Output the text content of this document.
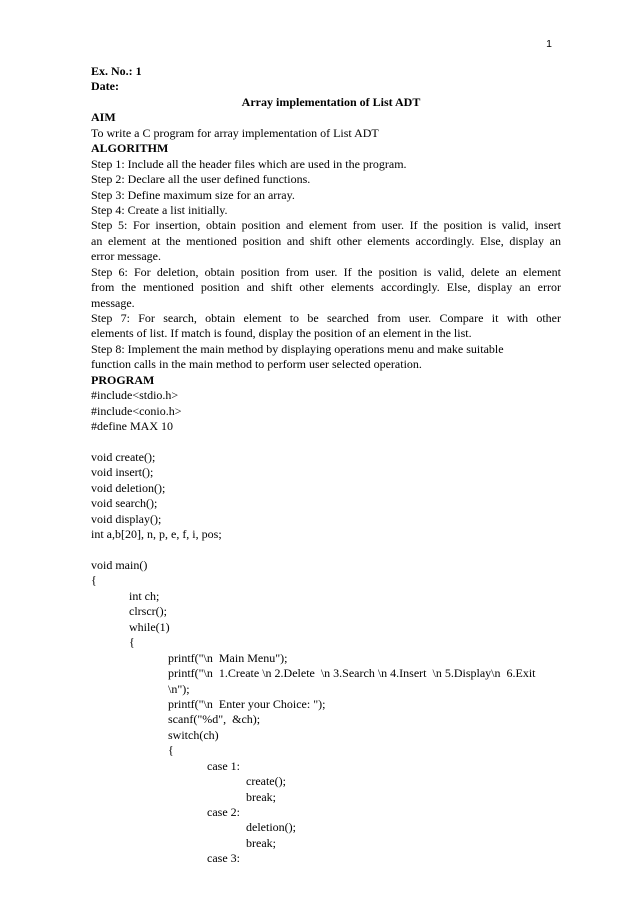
1
Ex. No.: 1
Date:
Array implementation of List ADT
AIM
To write a C program for array implementation of List ADT
ALGORITHM
Step 1: Include all the header files which are used in the program.
Step 2: Declare all the user defined functions.
Step 3: Define maximum size for an array.
Step 4: Create a list initially.
Step 5: For insertion, obtain position and element from user. If the position is valid, insert
an element at the mentioned position and shift other elements accordingly. Else, display an
error message.
Step 6: For deletion, obtain position from user. If the position is valid, delete an element
from the mentioned position and shift other elements accordingly. Else, display an error
message.
Step 7: For search, obtain element to be searched from user. Compare it with other
elements of list. If match is found, display the position of an element in the list.
Step 8: Implement the main method by displaying operations menu and make suitable
function calls in the main method to perform user selected operation.
PROGRAM
#include<stdio.h>
#include<conio.h>
#define MAX 10
void create();
void insert();
void deletion();
void search();
void display();
int a,b[20], n, p, e, f, i, pos;
void main()
{
int ch;
clrscr();
while(1)
{
printf("\n  Main Menu");
printf("\n  1.Create \n 2.Delete  \n 3.Search \n 4.Insert  \n 5.Display\n  6.Exit
\n");
printf("\n  Enter your Choice: ");
scanf("%d",  &ch);
switch(ch)
{
case 1:
create();
break;
case 2:
deletion();
break;
case 3:
